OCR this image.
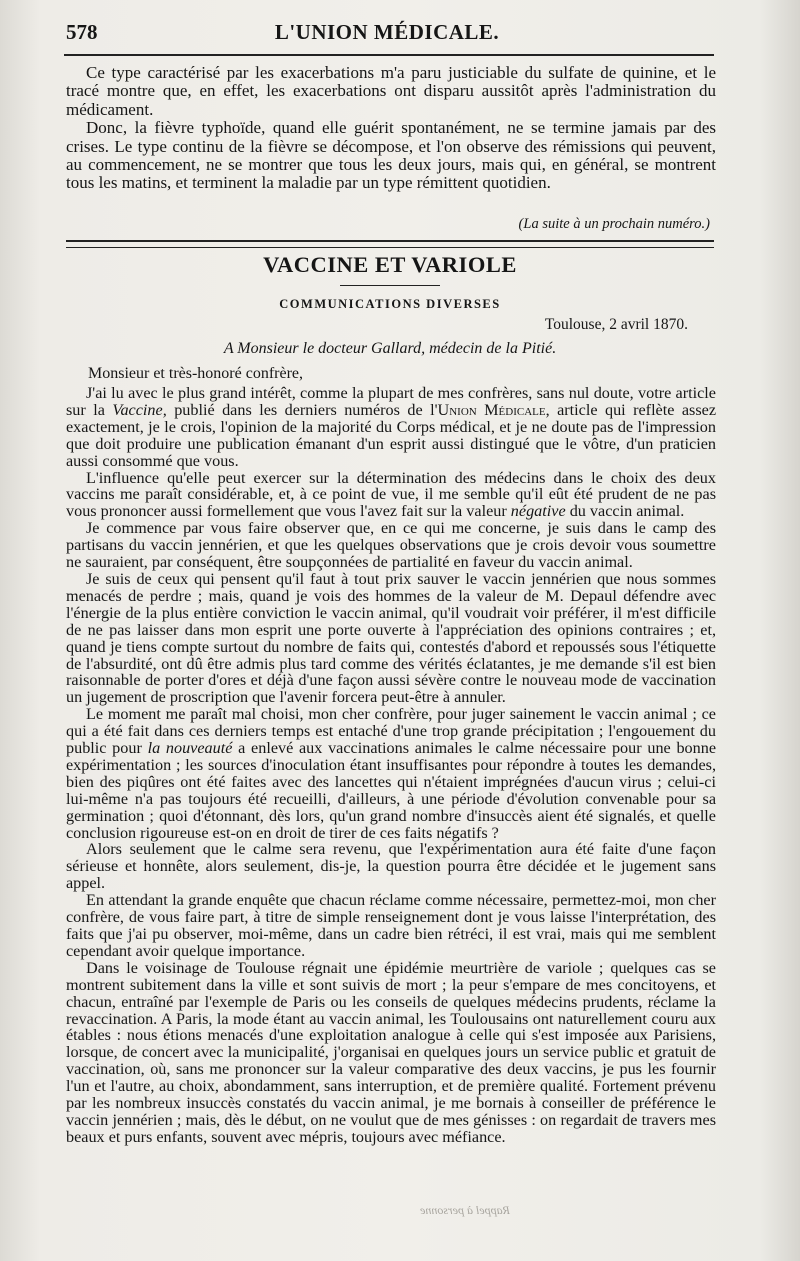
578	L'UNION MÉDICALE.

Ce type caractérisé par les exacerbations m'a paru justiciable du sulfate de quinine, et le tracé montre que, en effet, les exacerbations ont disparu aussitôt après l'administration du médicament.

Donc, la fièvre typhoïde, quand elle guérit spontanément, ne se termine jamais par des crises. Le type continu de la fièvre se décompose, et l'on observe des rémissions qui peuvent, au commencement, ne se montrer que tous les deux jours, mais qui, en général, se montrent tous les matins, et terminent la maladie par un type rémittent quotidien.

(La suite à un prochain numéro.)
VACCINE ET VARIOLE
COMMUNICATIONS DIVERSES
Toulouse, 2 avril 1870.
A Monsieur le docteur Gallard, médecin de la Pitié.
Monsieur et très-honoré confrère,

J'ai lu avec le plus grand intérêt, comme la plupart de mes confrères, sans nul doute, votre article sur la Vaccine, publié dans les derniers numéros de l'Union Médicale, article qui reflète assez exactement, je le crois, l'opinion de la majorité du Corps médical, et je ne doute pas de l'impression que doit produire une publication émanant d'un esprit aussi distingué que le vôtre, d'un praticien aussi consommé que vous.

L'influence qu'elle peut exercer sur la détermination des médecins dans le choix des deux vaccins me paraît considérable, et, à ce point de vue, il me semble qu'il eût été prudent de ne pas vous prononcer aussi formellement que vous l'avez fait sur la valeur négative du vaccin animal.

Je commence par vous faire observer que, en ce qui me concerne, je suis dans le camp des partisans du vaccin jennérien, et que les quelques observations que je crois devoir vous soumettre ne sauraient, par conséquent, être soupçonnées de partialité en faveur du vaccin animal.

Je suis de ceux qui pensent qu'il faut à tout prix sauver le vaccin jennérien que nous sommes menacés de perdre ; mais, quand je vois des hommes de la valeur de M. Depaul défendre avec l'énergie de la plus entière conviction le vaccin animal, qu'il voudrait voir préférer, il m'est difficile de ne pas laisser dans mon esprit une porte ouverte à l'appréciation des opinions contraires ; et, quand je tiens compte surtout du nombre de faits qui, contestés d'abord et repoussés sous l'étiquette de l'absurdité, ont dû être admis plus tard comme des vérités éclatantes, je me demande s'il est bien raisonnable de porter d'ores et déjà d'une façon aussi sévère contre le nouveau mode de vaccination un jugement de proscription que l'avenir forcera peut-être à annuler.

Le moment me paraît mal choisi, mon cher confrère, pour juger sainement le vaccin animal ; ce qui a été fait dans ces derniers temps est entaché d'une trop grande précipitation ; l'engouement du public pour la nouveauté a enlevé aux vaccinations animales le calme nécessaire pour une bonne expérimentation ; les sources d'inoculation étant insuffisantes pour répondre à toutes les demandes, bien des piqûres ont été faites avec des lancettes qui n'étaient imprégnées d'aucun virus ; celui-ci lui-même n'a pas toujours été recueilli, d'ailleurs, à une période d'évolution convenable pour sa germination ; quoi d'étonnant, dès lors, qu'un grand nombre d'insuccès aient été signalés, et quelle conclusion rigoureuse est-on en droit de tirer de ces faits négatifs ?

Alors seulement que le calme sera revenu, que l'expérimentation aura été faite d'une façon sérieuse et honnête, alors seulement, dis-je, la question pourra être décidée et le jugement sans appel.

En attendant la grande enquête que chacun réclame comme nécessaire, permettez-moi, mon cher confrère, de vous faire part, à titre de simple renseignement dont je vous laisse l'interprétation, des faits que j'ai pu observer, moi-même, dans un cadre bien rétréci, il est vrai, mais qui me semblent cependant avoir quelque importance.

Dans le voisinage de Toulouse régnait une épidémie meurtrière de variole ; quelques cas se montrent subitement dans la ville et sont suivis de mort ; la peur s'empare de mes concitoyens, et chacun, entraîné par l'exemple de Paris ou les conseils de quelques médecins prudents, réclame la revaccination. A Paris, la mode étant au vaccin animal, les Toulousains ont naturellement couru aux étables : nous étions menacés d'une exploitation analogue à celle qui s'est imposée aux Parisiens, lorsque, de concert avec la municipalité, j'organisai en quelques jours un service public et gratuit de vaccination, où, sans me prononcer sur la valeur comparative des deux vaccins, je pus les fournir l'un et l'autre, au choix, abondamment, sans interruption, et de première qualité. Fortement prévenu par les nombreux insuccès constatés du vaccin animal, je me bornais à conseiller de préférence le vaccin jennérien ; mais, dès le début, on ne voulut que de mes génisses : on regardait de travers mes beaux et purs enfants, souvent avec mépris, toujours avec méfiance.

Rappel à personne
